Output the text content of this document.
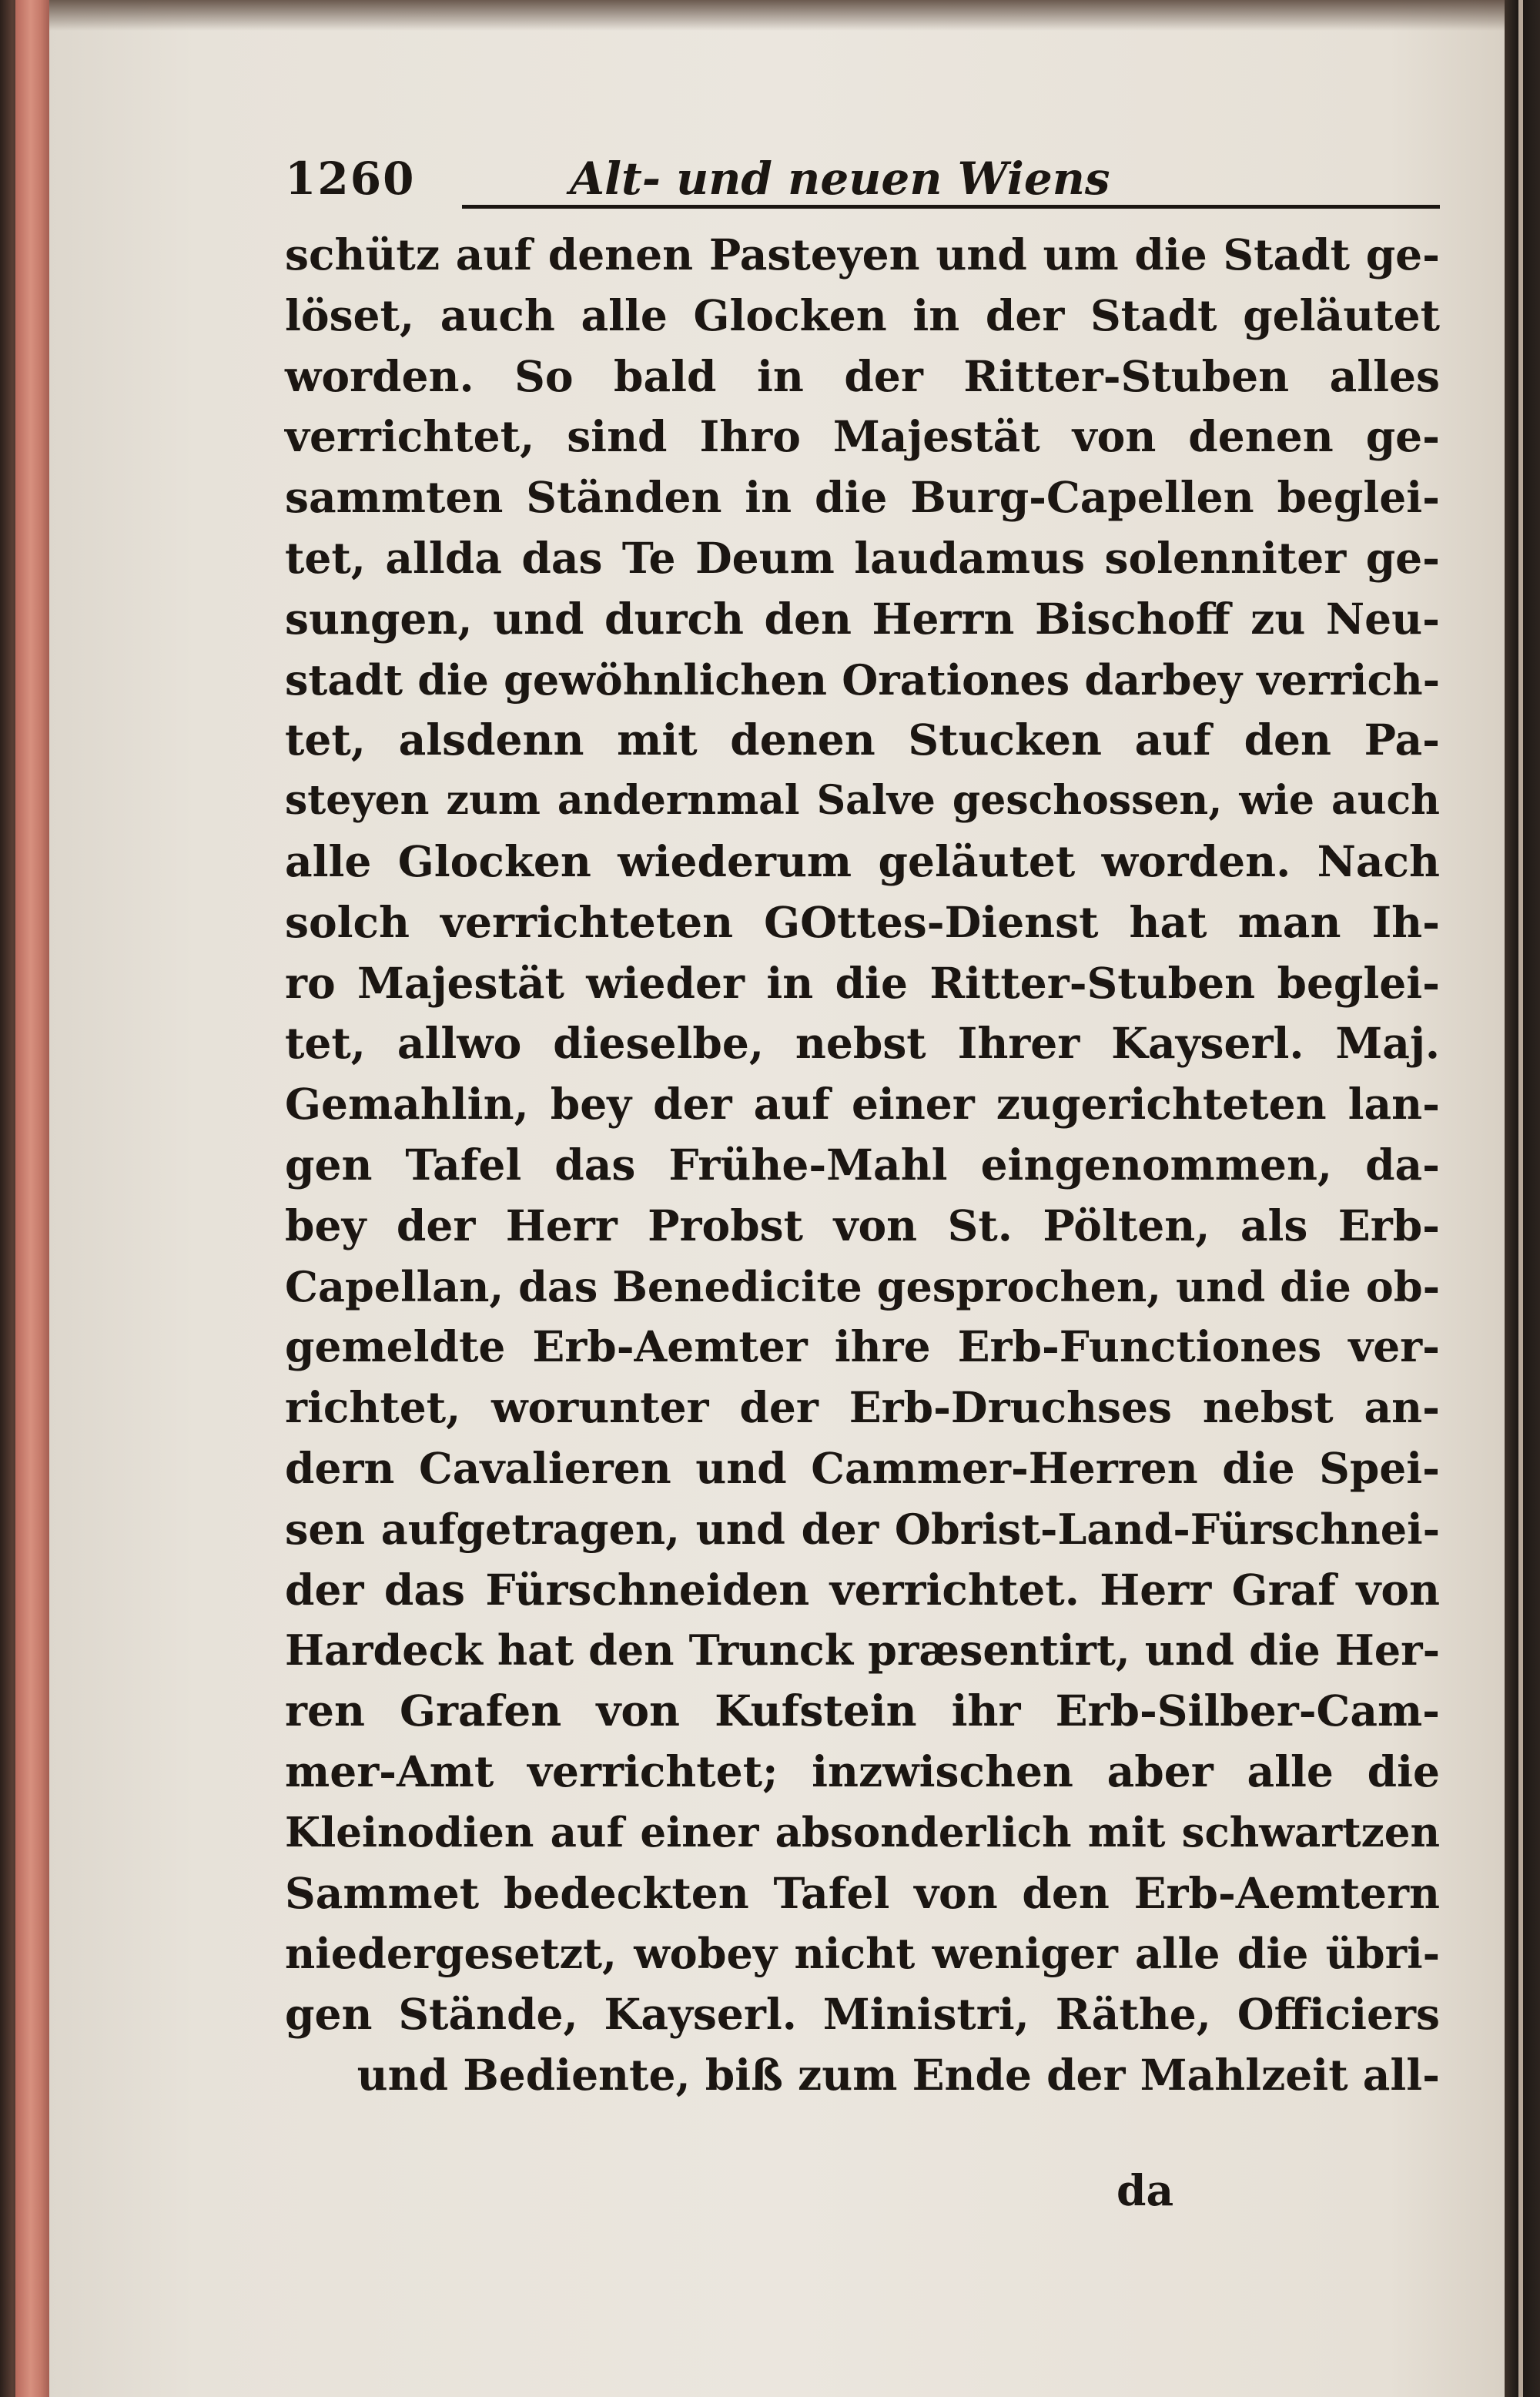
1260	Alt- und neuen Wiens
schütz auf denen Pasteyen und um die Stadt ge-
löset, auch alle Glocken in der Stadt geläutet
worden. So bald in der Ritter-Stuben alles
verrichtet, sind Ihro Majestät von denen ge-
sammten Ständen in die Burg-Capellen beglei-
tet, allda das Te Deum laudamus solenniter ge-
sungen, und durch den Herrn Bischoff zu Neu-
stadt die gewöhnlichen Orationes darbey verrich-
tet, alsdenn mit denen Stucken auf den Pa-
steyen zum andernmal Salve geschossen, wie auch
alle Glocken wiederum geläutet worden. Nach
solch verrichteten GOttes-Dienst hat man Ih-
ro Majestät wieder in die Ritter-Stuben beglei-
tet, allwo dieselbe, nebst Ihrer Kayserl. Maj.
Gemahlin, bey der auf einer zugerichteten lan-
gen Tafel das Frühe-Mahl eingenommen, da-
bey der Herr Probst von St. Pölten, als Erb-
Capellan, das Benedicite gesprochen, und die ob-
gemeldte Erb-Aemter ihre Erb-Functiones ver-
richtet, worunter der Erb-Druchses nebst an-
dern Cavalieren und Cammer-Herren die Spei-
sen aufgetragen, und der Obrist-Land-Fürschnei-
der das Fürschneiden verrichtet. Herr Graf von
Hardeck hat den Trunck præsentirt, und die Her-
ren Grafen von Kufstein ihr Erb-Silber-Cam-
mer-Amt verrichtet; inzwischen aber alle die
Kleinodien auf einer absonderlich mit schwartzen
Sammet bedeckten Tafel von den Erb-Aemtern
niedergesetzt, wobey nicht weniger alle die übri-
gen Stände, Kayserl. Ministri, Räthe, Officiers
und Bediente, biß zum Ende der Mahlzeit all-
da
